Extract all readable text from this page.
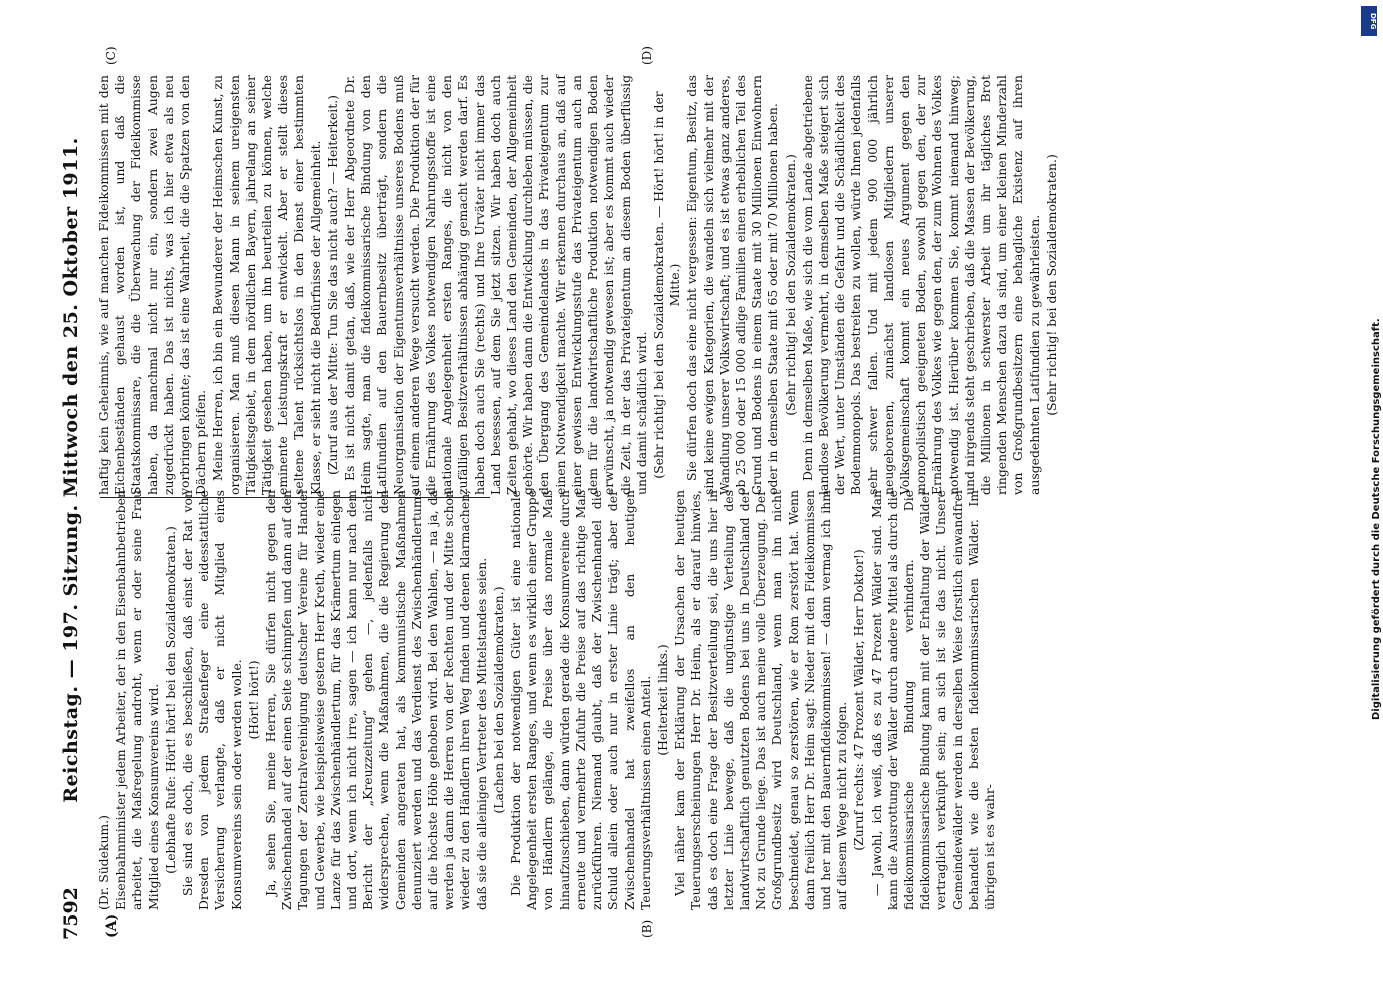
7592
Reichstag. — 197. Sitzung. Mittwoch den 25. Oktober 1911.
(A)	(B)
(C)	(D)

(Dr. Südekum.) Eisenbahnminister jedem Arbeiter, der in den Eisenbahnbetrieben arbeitet, die Maßregelung androht, wenn er oder seine Frau Mitglied eines Konsumvereins wird. (Lebhafte Rufe: Hört! hört! bei den Sozialdemokraten.) Sie sind es doch, die es beschließen, daß einst der Rat von Dresden von jedem Straßenfeger eine eidesstattliche Versicherung verlangte, daß er nicht Mitglied eines Konsumvereins sein oder werden wolle. (Hört! hört!) Ja, sehen Sie, meine Herren, Sie dürfen nicht gegen den Zwischenhandel auf der einen Seite schimpfen und dann auf den Tagungen der Zentralvereinigung deutscher Vereine für Handel und Gewerbe, wie beispielsweise gestern Herr Kreth, wieder eine Lanze für das Zwischenhändlertum, für das Krämertum einlegen und dort, wenn ich nicht irre, sagen — ich kann nur nach dem Bericht der „Kreuzzeitung“ gehen —, jedenfalls nicht widersprechen, wenn die Maßnahmen, die die Regierung den Gemeinden angeraten hat, als kommunistische Maßnahmen denunziert werden und das Verdienst des Zwischenhändlertums auf die höchste Höhe gehoben wird. Bei den Wahlen, — na ja, da werden ja dann die Herren von der Rechten und der Mitte schon wieder zu den Händlern ihren Weg finden und denen klarmachen, daß sie die alleinigen Vertreter des Mittelstandes seien. (Lachen bei den Sozialdemokraten.) Die Produktion der notwendigen Güter ist eine nationale Angelegenheit ersten Ranges, und wenn es wirklich einer Gruppe von Händlern gelänge, die Preise über das normale Maß hinaufzuschieben, dann würden gerade die Konsumvereine durch erneute und vermehrte Zufuhr die Preise auf das richtige Maß zurückführen. Niemand glaubt, daß der Zwischenhandel die Schuld allein oder auch nur in erster Linie trägt; aber der Zwischenhandel hat zweifellos an den heutigen Teuerungsverhältnissen einen Anteil. (Heiterkeit links.) Viel näher kam der Erklärung der Ursachen der heutigen Teuerungserscheinungen Herr Dr. Heim, als er darauf hinwies, daß es doch eine Frage der Besitzverteilung sei, die uns hier in letzter Linie bewege, daß die ungünstige Verteilung des landwirtschaftlich genutzten Bodens bei uns in Deutschland der Not zu Grunde liege. Das ist auch meine volle Überzeugung. Der Großgrundbesitz wird Deutschland, wenn man ihn nicht beschneidet, genau so zerstören, wie er Rom zerstört hat. Wenn dann freilich Herr Dr. Heim sagt: Nieder mit den Fideikommissen und her mit den Bauernfideikommissen! — dann vermag ich ihm auf diesem Wege nicht zu folgen. (Zuruf rechts: 47 Prozent Wälder, Herr Doktor!) — Jawohl, ich weiß, daß es zu 47 Prozent Wälder sind. Man kann die Ausrottung der Wälder durch andere Mittel als durch die fideikommissarische Bindung verhindern. Die fideikommissarische Bindung kann mit der Erhaltung der Wälder vertraglich verknüpft sein; an sich ist sie das nicht. Unsere Gemeindewälder werden in derselben Weise forstlich einwandfrei behandelt wie die besten fideikommissarischen Wälder. Im übrigen ist es wahr-

haftig kein Geheimnis, wie auf manchen Fideikommissen mit den Eichenbeständen gehaust worden ist, und daß die Staatskommissare, die die Überwachung der Fideikommisse haben, da manchmal nicht nur ein, sondern zwei Augen zugedrückt haben. Das ist nichts, was ich hier etwa als neu vorbringen könnte; das ist eine Wahrheit, die die Spatzen von den Dächern pfeifen. Meine Herren, ich bin ein Bewunderer der Heimschen Kunst, zu organisieren. Man muß diesen Mann in seinem ureigensten Tätigkeitsgebiet, in dem nördlichen Bayern, jahrelang an seiner Tätigkeit gesehen haben, um ihn beurteilen zu können, welche eminente Leistungskraft er entwickelt. Aber er stellt dieses seltene Talent rücksichtslos in den Dienst einer bestimmten Klasse, er sieht nicht die Bedürfnisse der Allgemeinheit. (Zuruf aus der Mitte: Tun Sie das nicht auch? — Heiterkeit.) Es ist nicht damit getan, daß, wie der Herr Abgeordnete Dr. Heim sagte, man die fideikommissarische Bindung von den Latifundien auf den Bauernbesitz überträgt, sondern die Neuorganisation der Eigentumsverhältnisse unseres Bodens muß auf einem anderen Wege versucht werden. Die Produktion der für die Ernährung des Volkes notwendigen Nahrungsstoffe ist eine nationale Angelegenheit ersten Ranges, die nicht von den zufälligen Besitzverhältnissen abhängig gemacht werden darf. Es haben doch auch Sie (rechts) und Ihre Urväter nicht immer das Land besessen, auf dem Sie jetzt sitzen. Wir haben doch auch Zeiten gehabt, wo dieses Land den Gemeinden, der Allgemeinheit gehörte. Wir haben dann die Entwicklung durchleben müssen, die den Übergang des Gemeindelandes in das Privateigentum zur einen Notwendigkeit machte. Wir erkennen durchaus an, daß auf einer gewissen Entwicklungsstufe das Privateigentum auch an dem für die landwirtschaftliche Produktion notwendigen Boden erwünscht, ja notwendig gewesen ist; aber es kommt auch wieder die Zeit, in der das Privateigentum an diesem Boden überflüssig und damit schädlich wird. (Sehr richtig! bei den Sozialdemokraten. — Hört! hört! in der Mitte.) Sie dürfen doch das eine nicht vergessen: Eigentum, Besitz, das sind keine ewigen Kategorien, die wandeln sich vielmehr mit der Wandlung unserer Volkswirtschaft; und es ist etwas ganz anderes, ob 25 000 oder 15 000 adlige Familien einen erheblichen Teil des Grund und Bodens in einem Staate mit 30 Millionen Einwohnern oder in demselben Staate mit 65 oder mit 70 Millionen haben. (Sehr richtig! bei den Sozialdemokraten.) Denn in demselben Maße, wie sich die vom Lande abgetriebene landlose Bevölkerung vermehrt, in demselben Maße steigert sich der Wert, unter Umständen die Gefahr und die Schädlichkeit des Bodenmonopols. Das bestreiten zu wollen, würde Ihnen jedenfalls sehr schwer fallen. Und mit jedem 900 000 jährlich neugeborenen, zunächst landlosen Mitgliedern unserer Volksgemeinschaft kommt ein neues Argument gegen den monopolistisch geeigneten Boden, sowohl gegen den, der zur Ernährung des Volkes wie gegen den, der zum Wohnen des Volkes notwendig ist. Hierüber kommen Sie, kommt niemand hinweg; und nirgends steht geschrieben, daß die Massen der Bevölkerung, die Millionen in schwerster Arbeit um ihr tägliches Brot ringenden Menschen dazu da sind, um einer kleinen Minderzahl von Großgrundbesitzern eine behagliche Existenz auf ihren ausgedehnten Latifundien zu gewährleisten. (Sehr richtig! bei den Sozialdemokraten.)

DFG
Digitalisierung gefördert durch die Deutsche Forschungsgemeinschaft.
